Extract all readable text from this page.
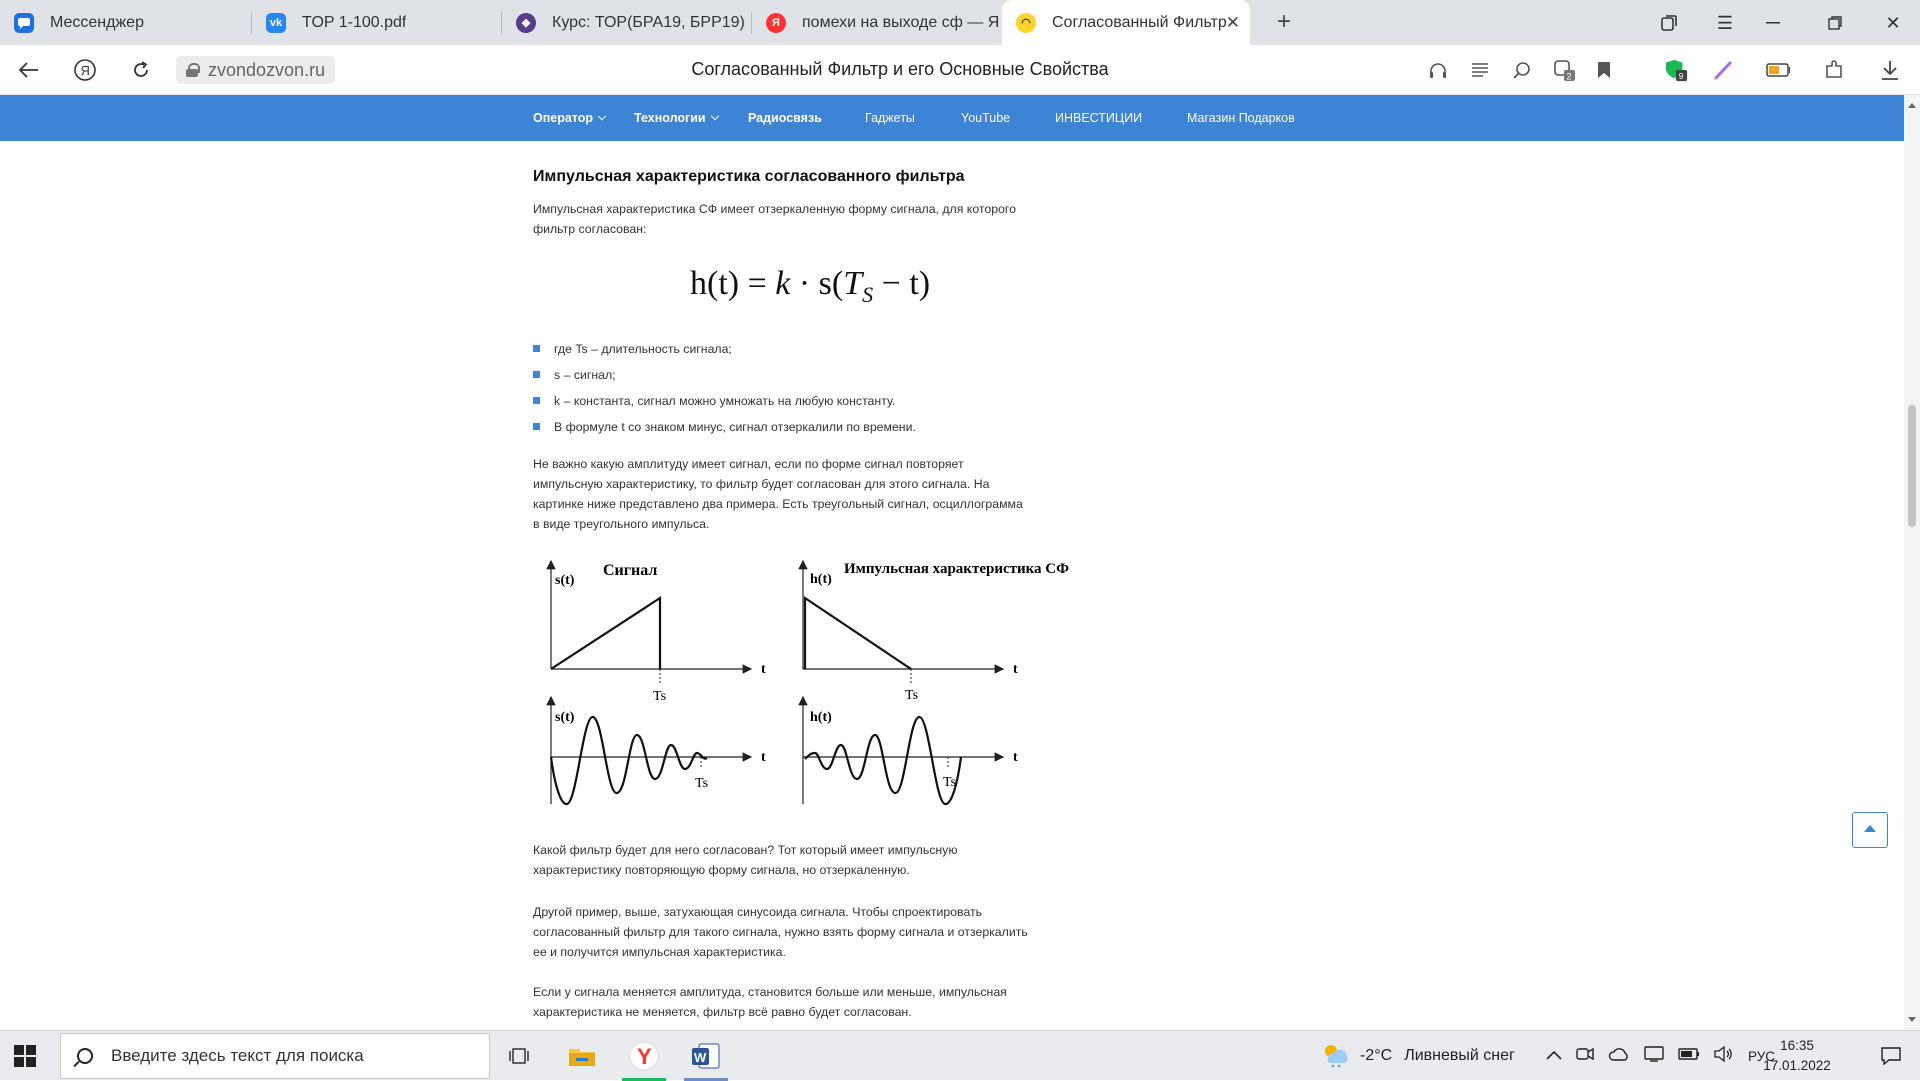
Мессенджер	vk TOP 1-100.pdf	◆	Курс: ТОР(БРА19, БРР19)	Я	помехи на выходе сф — Я	◠	Согласованный Фильтр
✕ +	☰	✕
Я	zvondozvon.ru	Согласованный Фильтр и его Основные Свойства	2	9
Оператор	Технологии	Радиосвязь	Гаджеты	YouTube	ИНВЕСТИЦИИ	Магазин Подарков
Импульсная характеристика согласованного фильтра
Импульсная характеристика СФ имеет отзеркаленную форму сигнала, для которого
фильтр согласован:
$h(t) = k \cdot s(T_S - t)$
где Ts – длительность сигнала;
s – сигнал;
k – константа, сигнал можно умножать на любую константу.
В формуле t со знаком минус, сигнал отзеркалили по времени.
Не важно какую амплитуду имеет сигнал, если по форме сигнал повторяет
импульсную характеристику, то фильтр будет согласован для этого сигнала. На
картинке ниже представлено два примера. Есть треугольный сигнал, осциллограмма
в виде треугольного импульса.
s(t)
Сигнал
h(t)
Импульсная характеристика СФ
t	t
Ts	Ts
s(t)	h(t)
t	t
Ts	Ts
Какой фильтр будет для него согласован? Тот который имеет импульсную
характеристику повторяющую форму сигнала, но отзеркаленную.
Другой пример, выше, затухающая синусоида сигнала. Чтобы спроектировать
согласованный фильтр для такого сигнала, нужно взять форму сигнала и отзеркалить
ее и получится импульсная характеристика.
Если у сигнала меняется амплитуда, становится больше или меньше, импульсная
характеристика не меняется, фильтр всё равно будет согласован.
Введите здесь текст для поиска	Y	W	-2°C Ливневый снег	РУС
16:35
17.01.2022
